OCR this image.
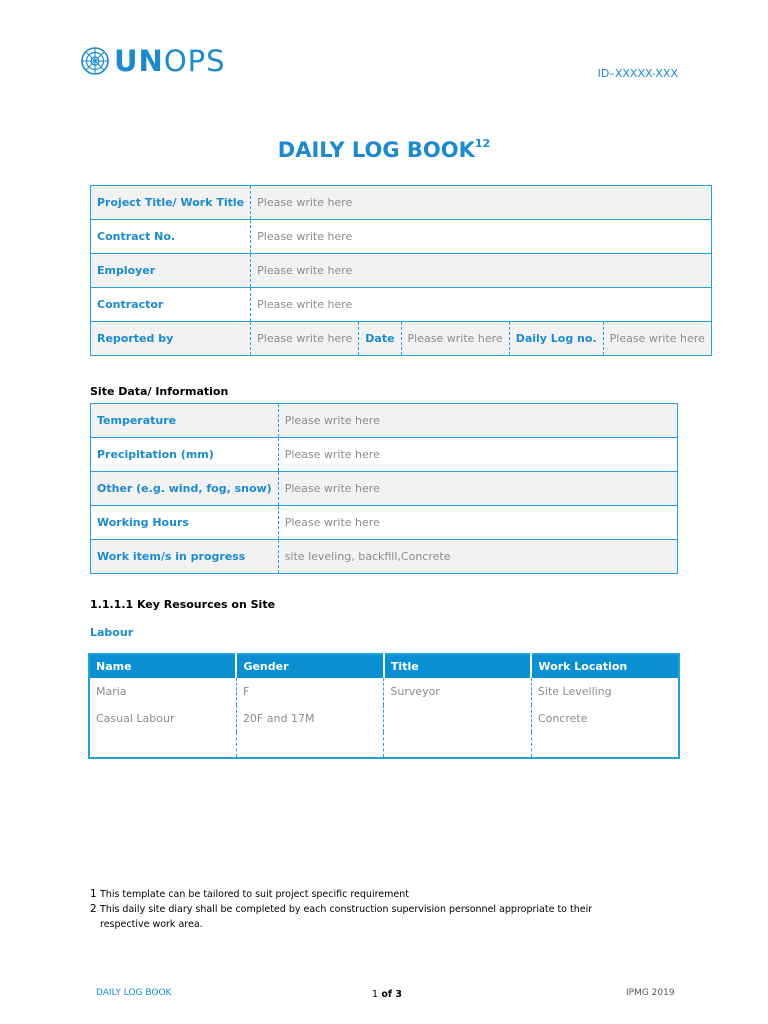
UNOPS	ID–XXXXX-XXX
DAILY LOG BOOK$^{12}$
Project Title/ Work Title	Please write here				
Contract No.	Please write here				
Employer	Please write here				
Contractor	Please write here				
Reported by	Please write here	Date	Please write here	Daily Log no.	Please write here
Site Data/ Information
Temperature	Please write here
Precipitation (mm)	Please write here
Other (e.g. wind, fog, snow)	Please write here
Working Hours	Please write here
Work item/s in progress	site leveling, backfill,Concrete
1.1.1.1 Key Resources on Site
Labour
Name	Gender	Title	Work Location
Maria	F	Surveyor	Site Levelling
Casual Labour	20F and 17M		Concrete

1 This template can be tailored to suit project specific requirement
2 This daily site diary shall be completed by each construction supervision personnel appropriate to their respective work area.
DAILY LOG BOOK	1 of 3	IPMG 2019
